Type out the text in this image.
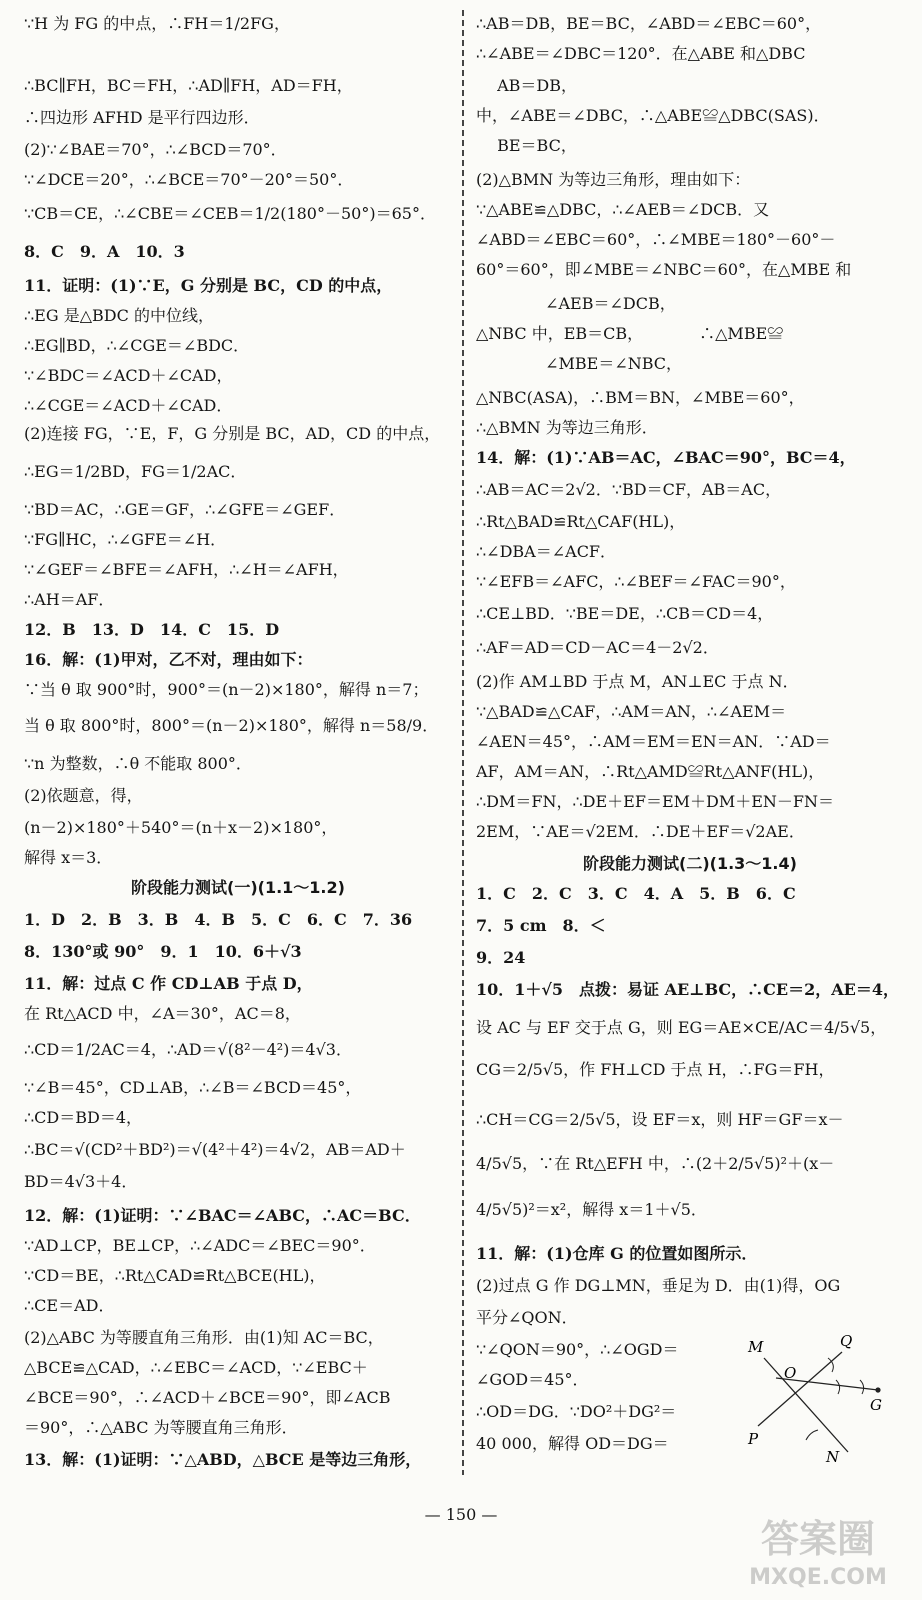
∵H 为 FG 的中点，∴FH＝1/2FG，
∴BC∥FH，BC＝FH，∴AD∥FH，AD＝FH，
∴四边形 AFHD 是平行四边形．
(2)∵∠BAE＝70°，∴∠BCD＝70°．
∵∠DCE＝20°，∴∠BCE＝70°－20°＝50°．
∵CB＝CE，∴∠CBE＝∠CEB＝1/2(180°－50°)＝65°．
8．C　9．A　10．3
11．证明：(1)∵E，G 分别是 BC，CD 的中点，
∴EG 是△BDC 的中位线，
∴EG∥BD，∴∠CGE＝∠BDC．
∵∠BDC＝∠ACD＋∠CAD，
∴∠CGE＝∠ACD＋∠CAD．
(2)连接 FG，∵E，F，G 分别是 BC，AD，CD 的中点，
∴EG＝1/2BD，FG＝1/2AC．
∵BD＝AC，∴GE＝GF，∴∠GFE＝∠GEF．
∵FG∥HC，∴∠GFE＝∠H．
∵∠GEF＝∠BFE＝∠AFH，∴∠H＝∠AFH，
∴AH＝AF．
12．B　13．D　14．C　15．D
16．解：(1)甲对，乙不对，理由如下：
∵当 θ 取 900°时，900°＝(n－2)×180°，解得 n＝7；
当 θ 取 800°时，800°＝(n－2)×180°，解得 n＝58/9．
∵n 为整数，∴θ 不能取 800°．
(2)依题意，得，
(n－2)×180°＋540°＝(n＋x－2)×180°，
解得 x＝3．
阶段能力测试(一)(1.1～1.2)
1．D　2．B　3．B　4．B　5．C　6．C　7．36
8．130°或 90°　9．1　10．6＋√3
11．解：过点 C 作 CD⊥AB 于点 D，
在 Rt△ACD 中，∠A＝30°，AC＝8，
∴CD＝1/2AC＝4，∴AD＝√(8²－4²)＝4√3．
∵∠B＝45°，CD⊥AB，∴∠B＝∠BCD＝45°，
∴CD＝BD＝4，
∴BC＝√(CD²＋BD²)＝√(4²＋4²)＝4√2，AB＝AD＋
BD＝4√3＋4．
12．解：(1)证明：∵∠BAC＝∠ABC，∴AC＝BC．
∵AD⊥CP，BE⊥CP，∴∠ADC＝∠BEC＝90°．
∵CD＝BE，∴Rt△CAD≌Rt△BCE(HL)，
∴CE＝AD．
(2)△ABC 为等腰直角三角形．由(1)知 AC＝BC，
△BCE≌△CAD，∴∠EBC＝∠ACD，∵∠EBC＋
∠BCE＝90°，∴∠ACD＋∠BCE＝90°，即∠ACB
＝90°，∴△ABC 为等腰直角三角形．
13．解：(1)证明：∵△ABD，△BCE 是等边三角形，
∴AB＝DB，BE＝BC，∠ABD＝∠EBC＝60°，
∴∠ABE＝∠DBC＝120°．在△ABE 和△DBC
　 AB＝DB，
中，∠ABE＝∠DBC，∴△ABE≌△DBC(SAS)．
　 BE＝BC，
(2)△BMN 为等边三角形，理由如下：
∵△ABE≌△DBC，∴∠AEB＝∠DCB．又
∠ABD＝∠EBC＝60°，∴∠MBE＝180°－60°－
60°＝60°，即∠MBE＝∠NBC＝60°，在△MBE 和
　　　　 ∠AEB＝∠DCB，
△NBC 中，EB＝CB，　　　　∴△MBE≌
　　　　 ∠MBE＝∠NBC，
△NBC(ASA)，∴BM＝BN，∠MBE＝60°，
∴△BMN 为等边三角形．
14．解：(1)∵AB＝AC，∠BAC＝90°，BC＝4，
∴AB＝AC＝2√2．∵BD＝CF，AB＝AC，
∴Rt△BAD≌Rt△CAF(HL)，
∴∠DBA＝∠ACF．
∵∠EFB＝∠AFC，∴∠BEF＝∠FAC＝90°，
∴CE⊥BD．∵BE＝DE，∴CB＝CD＝4，
∴AF＝AD＝CD－AC＝4－2√2．
(2)作 AM⊥BD 于点 M，AN⊥EC 于点 N．
∵△BAD≌△CAF，∴AM＝AN，∴∠AEM＝
∠AEN＝45°，∴AM＝EM＝EN＝AN．∵AD＝
AF，AM＝AN，∴Rt△AMD≌Rt△ANF(HL)，
∴DM＝FN，∴DE＋EF＝EM＋DM＋EN－FN＝
2EM，∵AE＝√2EM．∴DE＋EF＝√2AE．
阶段能力测试(二)(1.3～1.4)
1．C　2．C　3．C　4．A　5．B　6．C
7．5 cm　8．＜
9．24
10．1＋√5　点拨：易证 AE⊥BC，∴CE＝2，AE＝4，
设 AC 与 EF 交于点 G，则 EG＝AE×CE/AC＝4/5√5，
CG＝2/5√5，作 FH⊥CD 于点 H，∴FG＝FH，
∴CH＝CG＝2/5√5，设 EF＝x，则 HF＝GF＝x－
4/5√5，∵在 Rt△EFH 中，∴(2＋2/5√5)²＋(x－
4/5√5)²＝x²，解得 x＝1＋√5．
11．解：(1)仓库 G 的位置如图所示．
(2)过点 G 作 DG⊥MN，垂足为 D．由(1)得，OG
平分∠QON．
∵∠QON＝90°，∴∠OGD＝
∠GOD＝45°．
∴OD＝DG．∵DO²＋DG²＝
40 000，解得 OD＝DG＝
M	Q
O
G
P
N
— 150 —
答案圈
MXQE.COM
